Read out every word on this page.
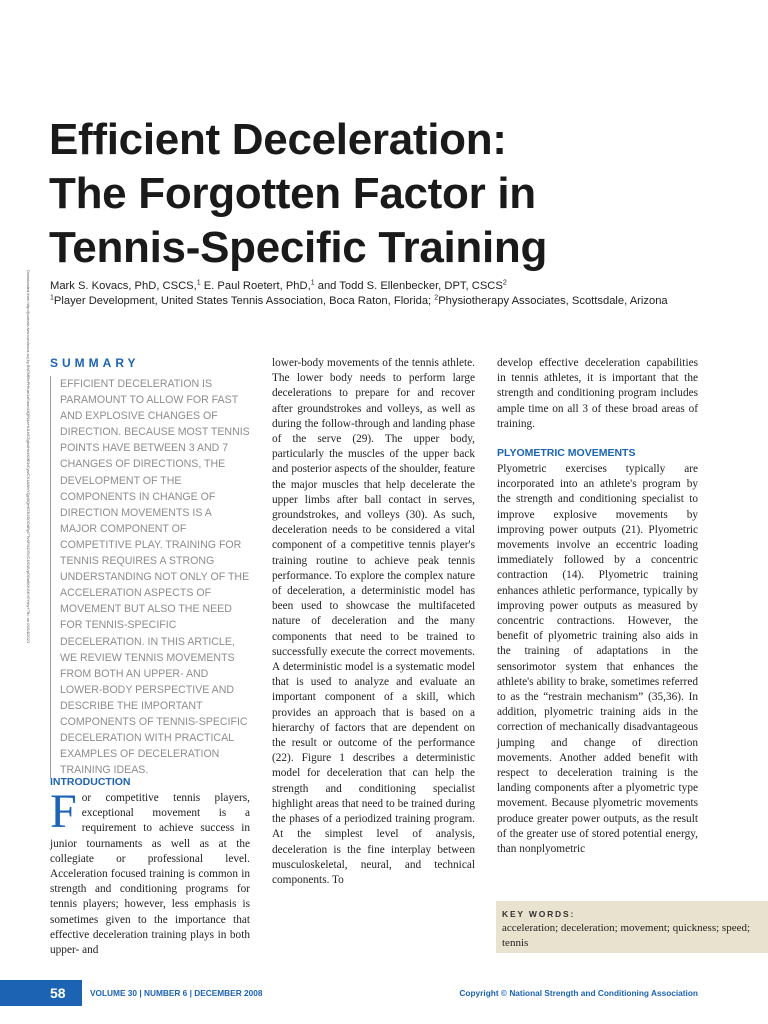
Downloaded from http://journals.lww.com/nsca-scj by BhDMf5ePHKav1zEoum1tQfN4a+kJLhEZgbsIHo4XMi0hCywCX1AWnYQp/IlQrHD3i3D0OdRyi7TvSFl4Cf3VC4/OAVpDDa8KKGKV0Ymy+78= on 09/14/2021
Efficient Deceleration:
The Forgotten Factor in
Tennis-Specific Training
Mark S. Kovacs, PhD, CSCS,$^1$ E. Paul Roetert, PhD,$^1$ and Todd S. Ellenbecker, DPT, CSCS$^2$
$^1$Player Development, United States Tennis Association, Boca Raton, Florida; $^2$Physiotherapy Associates, Scottsdale, Arizona
SUMMARY
EFFICIENT DECELERATION IS PARAMOUNT TO ALLOW FOR FAST AND EXPLOSIVE CHANGES OF DIRECTION. BECAUSE MOST TENNIS POINTS HAVE BETWEEN 3 AND 7 CHANGES OF DIRECTIONS, THE DEVELOPMENT OF THE COMPONENTS IN CHANGE OF DIRECTION MOVEMENTS IS A MAJOR COMPONENT OF COMPETITIVE PLAY. TRAINING FOR TENNIS REQUIRES A STRONG UNDERSTANDING NOT ONLY OF THE ACCELERATION ASPECTS OF MOVEMENT BUT ALSO THE NEED FOR TENNIS-SPECIFIC DECELERATION. IN THIS ARTICLE, WE REVIEW TENNIS MOVEMENTS FROM BOTH AN UPPER- AND LOWER-BODY PERSPECTIVE AND DESCRIBE THE IMPORTANT COMPONENTS OF TENNIS-SPECIFIC DECELERATION WITH PRACTICAL EXAMPLES OF DECELERATION TRAINING IDEAS.
INTRODUCTION
For competitive tennis players, exceptional movement is a requirement to achieve success in junior tournaments as well as at the collegiate or professional level. Acceleration focused training is common in strength and conditioning programs for tennis players; however, less emphasis is sometimes given to the importance that effective deceleration training plays in both upper- and
lower-body movements of the tennis athlete. The lower body needs to perform large decelerations to prepare for and recover after groundstrokes and volleys, as well as during the follow-through and landing phase of the serve (29). The upper body, particularly the muscles of the upper back and posterior aspects of the shoulder, feature the major muscles that help decelerate the upper limbs after ball contact in serves, groundstrokes, and volleys (30). As such, deceleration needs to be considered a vital component of a competitive tennis player's training routine to achieve peak tennis performance. To explore the complex nature of deceleration, a deterministic model has been used to showcase the multifaceted nature of deceleration and the many components that need to be trained to successfully execute the correct movements. A deterministic model is a systematic model that is used to analyze and evaluate an important component of a skill, which provides an approach that is based on a hierarchy of factors that are dependent on the result or outcome of the performance (22). Figure 1 describes a deterministic model for deceleration that can help the strength and conditioning specialist highlight areas that need to be trained during the phases of a periodized training program. At the simplest level of analysis, deceleration is the fine interplay between musculoskeletal, neural, and technical components. To
develop effective deceleration capabilities in tennis athletes, it is important that the strength and conditioning program includes ample time on all 3 of these broad areas of training.
PLYOMETRIC MOVEMENTS
Plyometric exercises typically are incorporated into an athlete's program by the strength and conditioning specialist to improve explosive movements by improving power outputs (21). Plyometric movements involve an eccentric loading immediately followed by a concentric contraction (14). Plyometric training enhances athletic performance, typically by improving power outputs as measured by concentric contractions. However, the benefit of plyometric training also aids in the training of adaptations in the sensorimotor system that enhances the athlete's ability to brake, sometimes referred to as the “restrain mechanism” (35,36). In addition, plyometric training aids in the correction of mechanically disadvantageous jumping and change of direction movements. Another added benefit with respect to deceleration training is the landing components after a plyometric type movement. Because plyometric movements produce greater power outputs, as the result of the greater use of stored potential energy, than nonplyometric
KEY WORDS:
acceleration; deceleration; movement; quickness; speed; tennis
58	VOLUME 30 | NUMBER 6 | DECEMBER 2008	Copyright © National Strength and Conditioning Association
